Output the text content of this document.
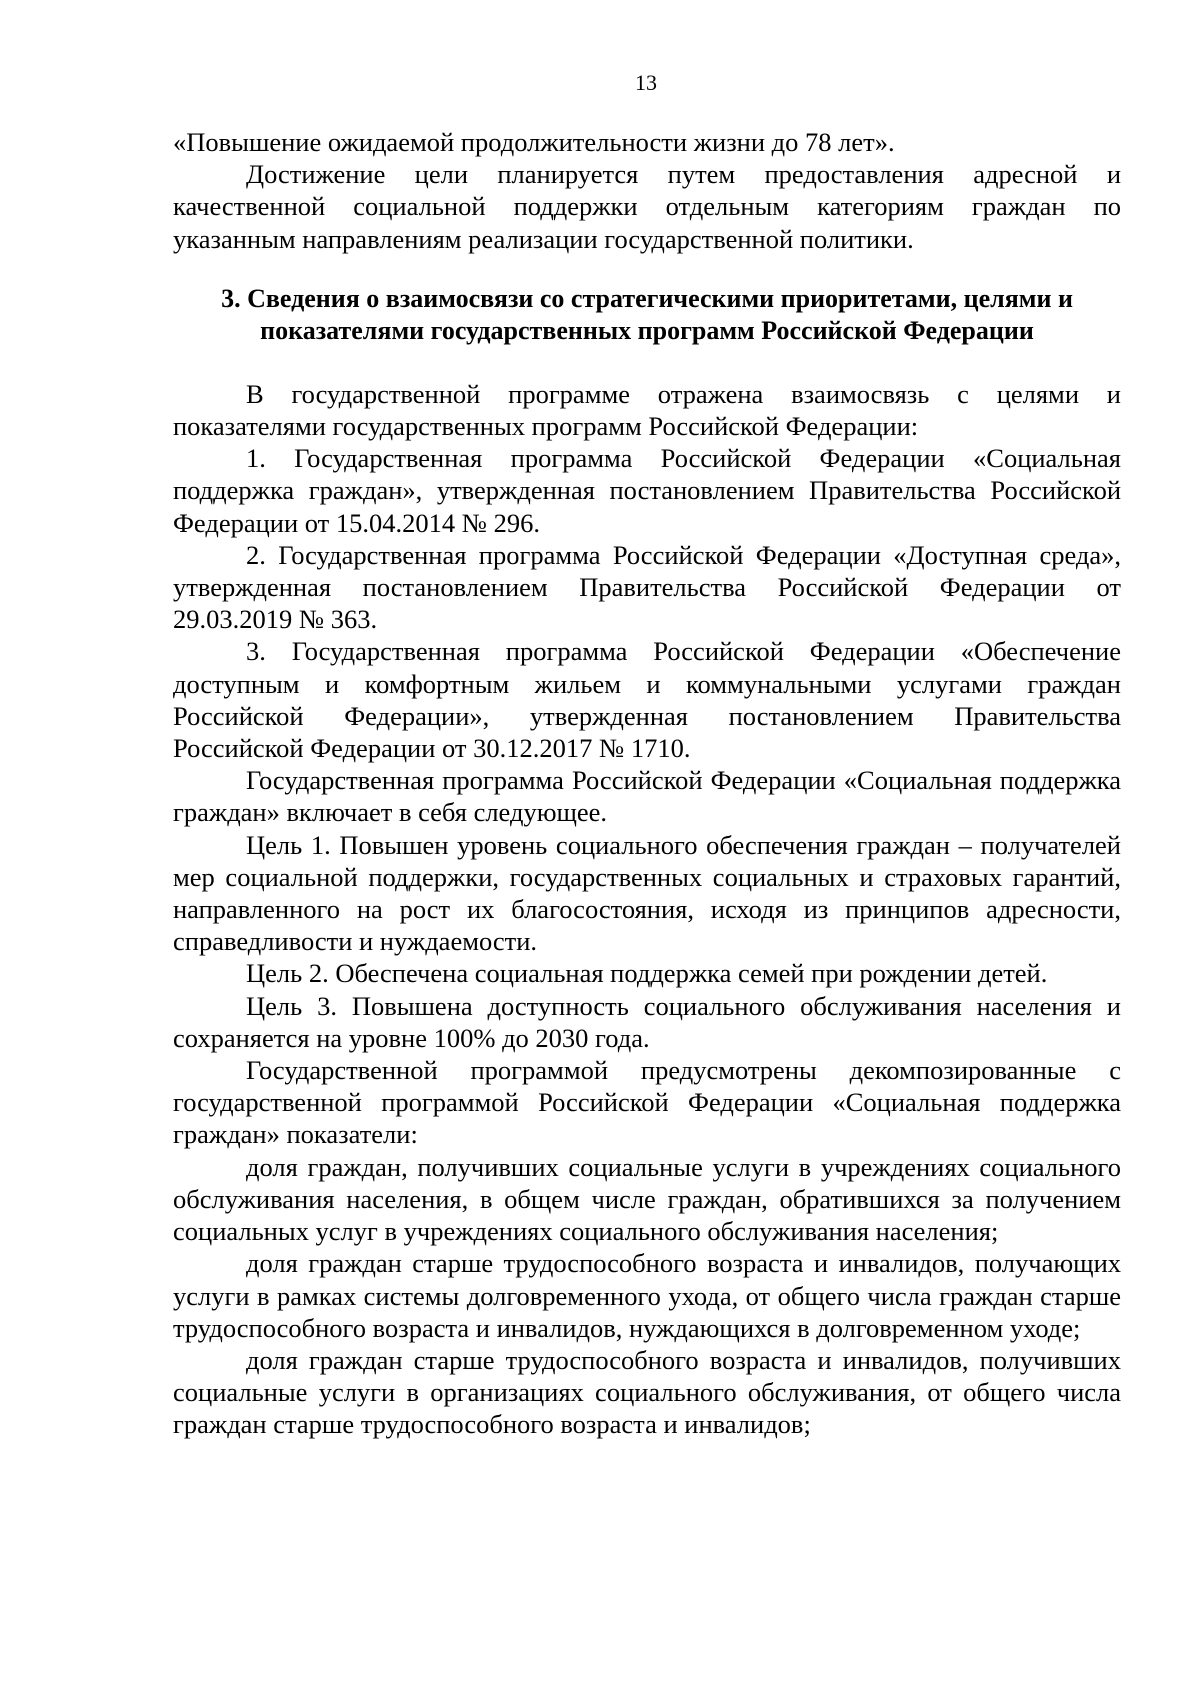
13

«Повышение ожидаемой продолжительности жизни до 78 лет».

Достижение цели планируется путем предоставления адресной и качественной социальной поддержки отдельным категориям граждан по указанным направлениям реализации государственной политики.

3. Сведения о взаимосвязи со стратегическими приоритетами, целями и показателями государственных программ Российской Федерации

В государственной программе отражена взаимосвязь с целями и показателями государственных программ Российской Федерации:

1. Государственная программа Российской Федерации «Социальная поддержка граждан», утвержденная постановлением Правительства Российской Федерации от 15.04.2014 № 296.

2. Государственная программа Российской Федерации «Доступная среда», утвержденная постановлением Правительства Российской Федерации от 29.03.2019 № 363.

3. Государственная программа Российской Федерации «Обеспечение доступным и комфортным жильем и коммунальными услугами граждан Российской Федерации», утвержденная постановлением Правительства Российской Федерации от 30.12.2017 № 1710.

Государственная программа Российской Федерации «Социальная поддержка граждан» включает в себя следующее.

Цель 1. Повышен уровень социального обеспечения граждан – получателей мер социальной поддержки, государственных социальных и страховых гарантий, направленного на рост их благосостояния, исходя из принципов адресности, справедливости и нуждаемости.

Цель 2. Обеспечена социальная поддержка семей при рождении детей.

Цель 3. Повышена доступность социального обслуживания населения и сохраняется на уровне 100% до 2030 года.

Государственной программой предусмотрены декомпозированные с государственной программой Российской Федерации «Социальная поддержка граждан» показатели:

доля граждан, получивших социальные услуги в учреждениях социального обслуживания населения, в общем числе граждан, обратившихся за получением социальных услуг в учреждениях социального обслуживания населения;

доля граждан старше трудоспособного возраста и инвалидов, получающих услуги в рамках системы долговременного ухода, от общего числа граждан старше трудоспособного возраста и инвалидов, нуждающихся в долговременном уходе;

доля граждан старше трудоспособного возраста и инвалидов, получивших социальные услуги в организациях социального обслуживания, от общего числа граждан старше трудоспособного возраста и инвалидов;
